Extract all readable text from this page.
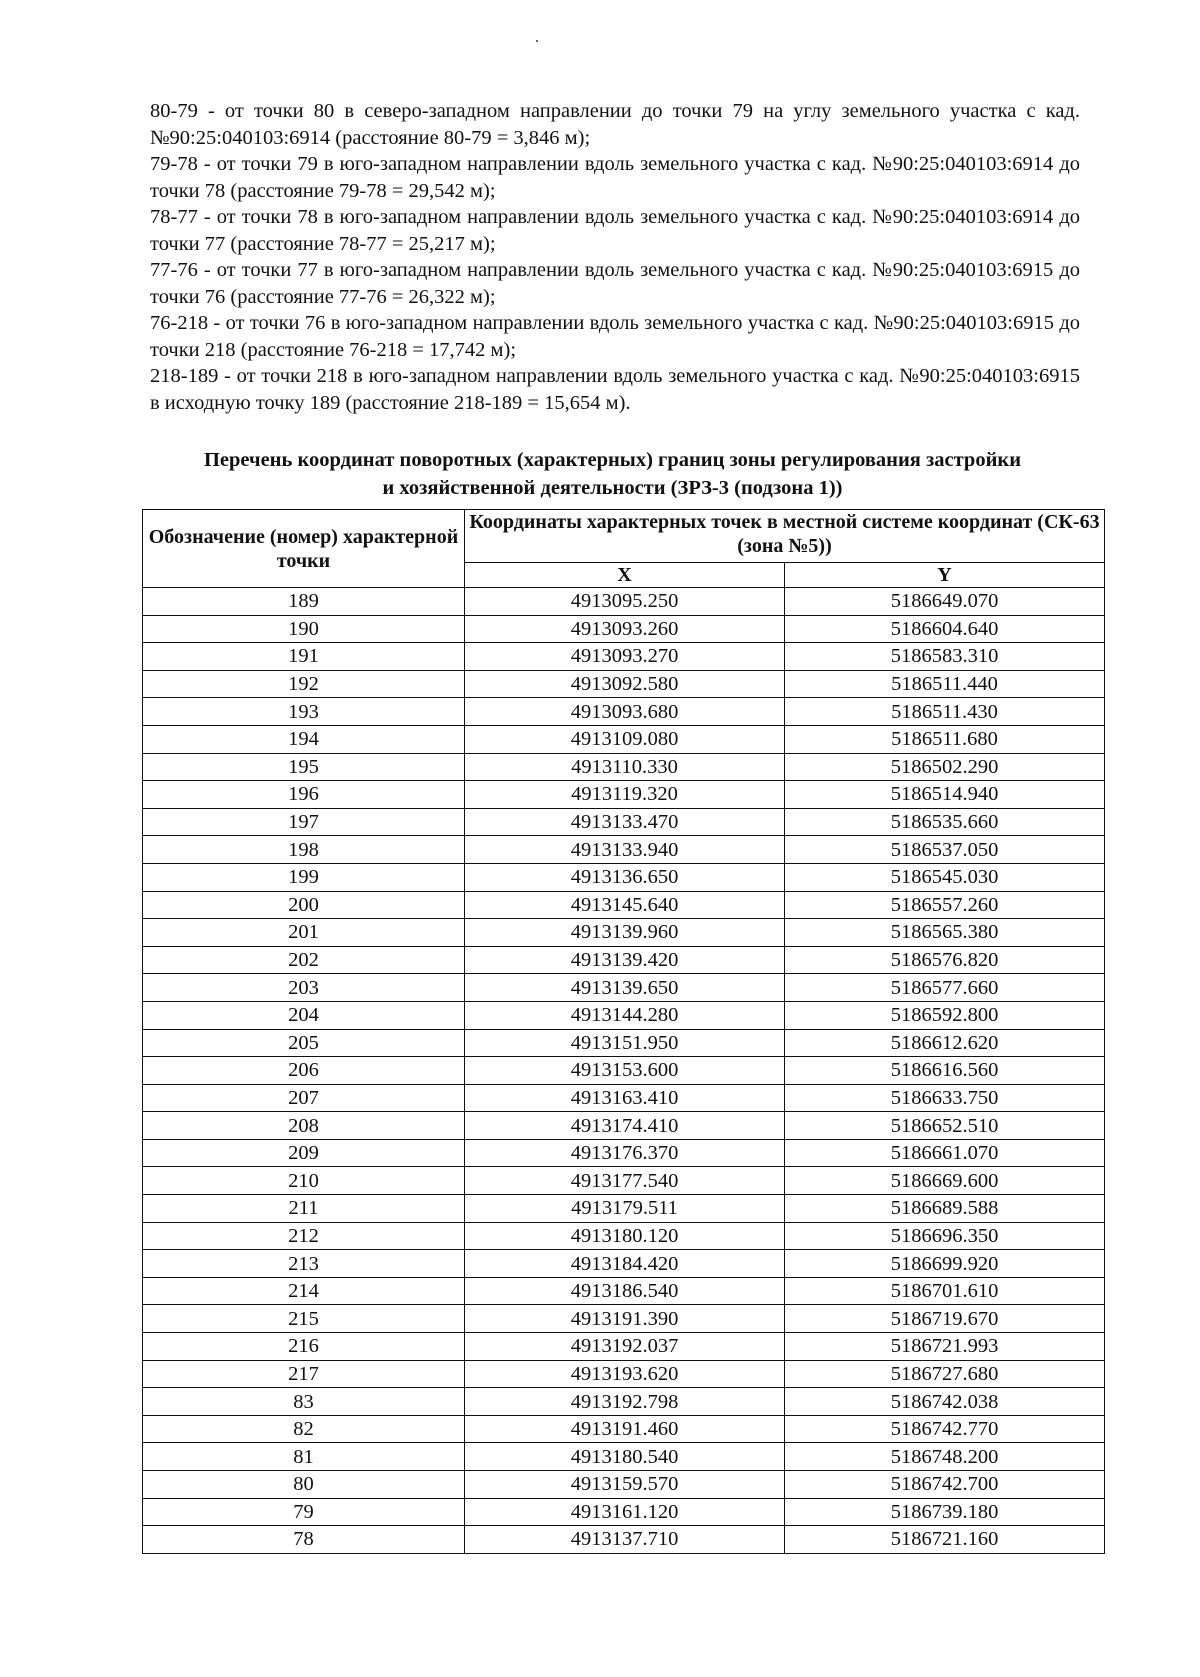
80-79 - от точки 80 в северо-западном направлении до точки 79 на углу земельного участка с кад. №90:25:040103:6914 (расстояние 80-79 = 3,846 м);

79-78 - от точки 79 в юго-западном направлении вдоль земельного участка с кад. №90:25:040103:6914 до точки 78 (расстояние 79-78 = 29,542 м);

78-77 - от точки 78 в юго-западном направлении вдоль земельного участка с кад. №90:25:040103:6914 до точки 77 (расстояние 78-77 = 25,217 м);

77-76 - от точки 77 в юго-западном направлении вдоль земельного участка с кад. №90:25:040103:6915 до точки 76 (расстояние 77-76 = 26,322 м);

76-218 - от точки 76 в юго-западном направлении вдоль земельного участка с кад. №90:25:040103:6915 до точки 218 (расстояние 76-218 = 17,742 м);

218-189 - от точки 218 в юго-западном направлении вдоль земельного участка с кад. №90:25:040103:6915 в исходную точку 189 (расстояние 218-189 = 15,654 м).

Перечень координат поворотных (характерных) границ зоны регулирования застройки
и хозяйственной деятельности (ЗРЗ-3 (подзона 1))
Обозначение (номер) характерной точки	Координаты характерных точек в местной системе координат (СК-63 (зона №5))	
	X	Y
189	4913095.250	5186649.070
190	4913093.260	5186604.640
191	4913093.270	5186583.310
192	4913092.580	5186511.440
193	4913093.680	5186511.430
194	4913109.080	5186511.680
195	4913110.330	5186502.290
196	4913119.320	5186514.940
197	4913133.470	5186535.660
198	4913133.940	5186537.050
199	4913136.650	5186545.030
200	4913145.640	5186557.260
201	4913139.960	5186565.380
202	4913139.420	5186576.820
203	4913139.650	5186577.660
204	4913144.280	5186592.800
205	4913151.950	5186612.620
206	4913153.600	5186616.560
207	4913163.410	5186633.750
208	4913174.410	5186652.510
209	4913176.370	5186661.070
210	4913177.540	5186669.600
211	4913179.511	5186689.588
212	4913180.120	5186696.350
213	4913184.420	5186699.920
214	4913186.540	5186701.610
215	4913191.390	5186719.670
216	4913192.037	5186721.993
217	4913193.620	5186727.680
83	4913192.798	5186742.038
82	4913191.460	5186742.770
81	4913180.540	5186748.200
80	4913159.570	5186742.700
79	4913161.120	5186739.180
78	4913137.710	5186721.160
